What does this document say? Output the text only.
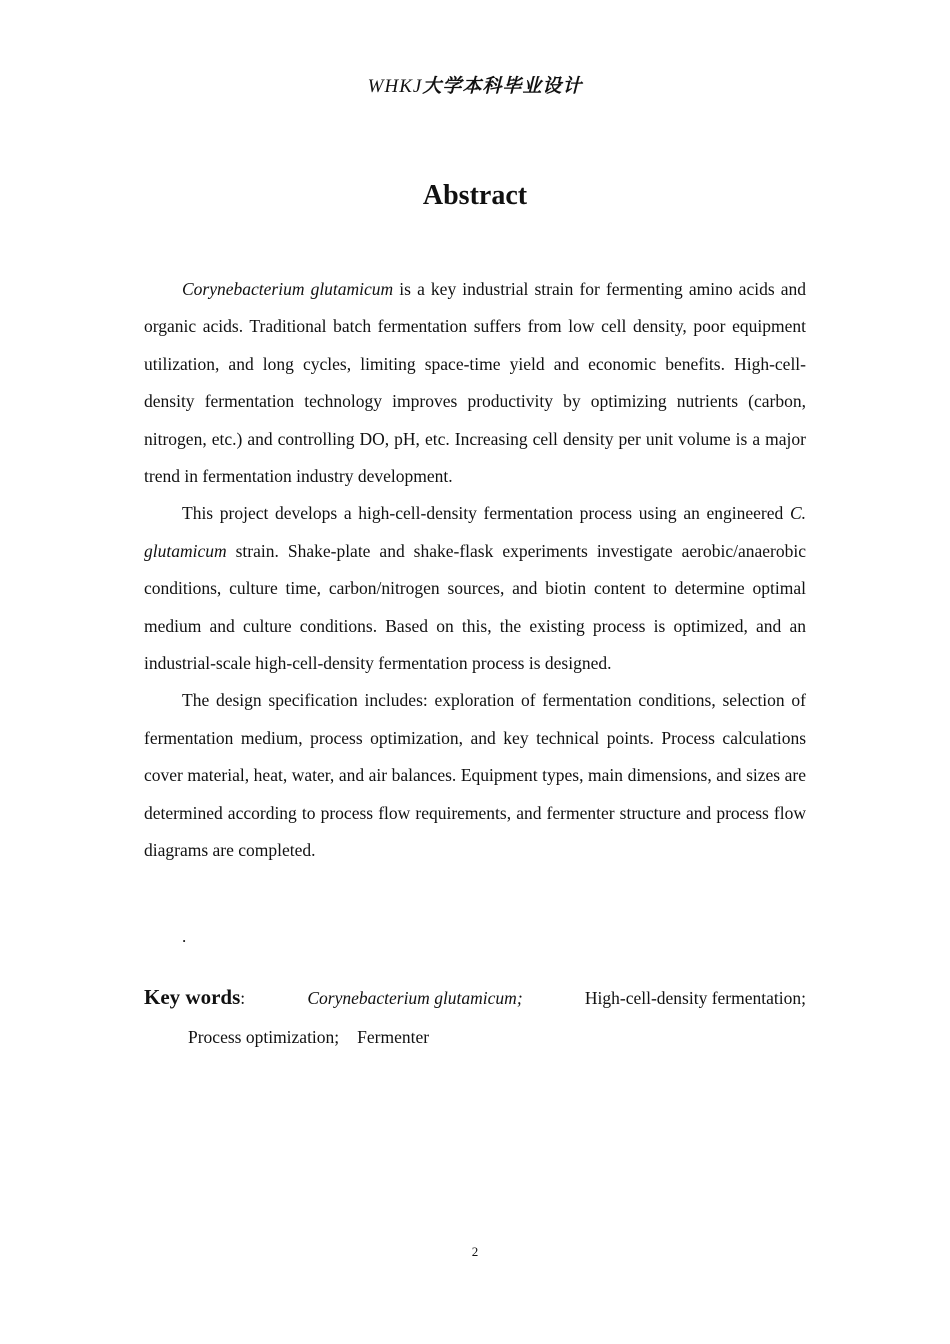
WHKJ大学本科毕业设计
Abstract

Corynebacterium glutamicum is a key industrial strain for fermenting amino acids and organic acids. Traditional batch fermentation suffers from low cell density, poor equipment utilization, and long cycles, limiting space-time yield and economic benefits. High-cell-density fermentation technology improves productivity by optimizing nutrients (carbon, nitrogen, etc.) and controlling DO, pH, etc. Increasing cell density per unit volume is a major trend in fermentation industry development.

This project develops a high-cell-density fermentation process using an engineered C. glutamicum strain. Shake-plate and shake-flask experiments investigate aerobic/anaerobic conditions, culture time, carbon/nitrogen sources, and biotin content to determine optimal medium and culture conditions. Based on this, the existing process is optimized, and an industrial-scale high-cell-density fermentation process is designed.

The design specification includes: exploration of fermentation conditions, selection of fermentation medium, process optimization, and key technical points. Process calculations cover material, heat, water, and air balances. Equipment types, main dimensions, and sizes are determined according to process flow requirements, and fermenter structure and process flow diagrams are completed.

.
Key words:	Corynebacterium glutamicum;	High-cell-density fermentation;
Process optimization; Fermenter
2
